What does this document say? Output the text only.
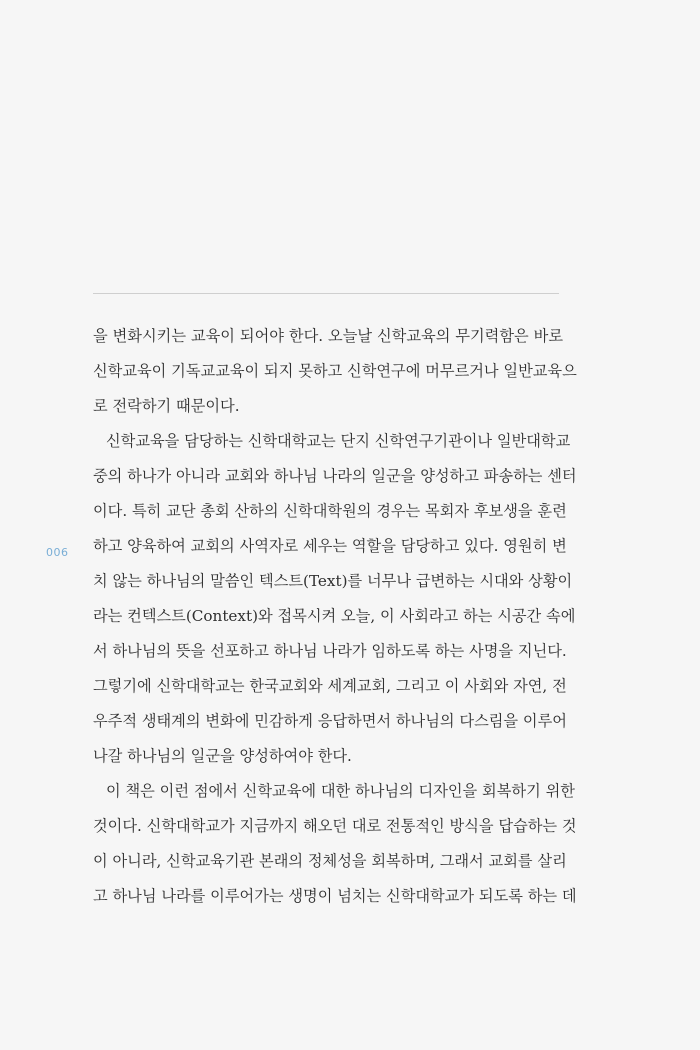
006
을 변화시키는 교육이 되어야 한다. 오늘날 신학교육의 무기력함은 바로
신학교육이 기독교교육이 되지 못하고 신학연구에 머무르거나 일반교육으
로 전락하기 때문이다.
신학교육을 담당하는 신학대학교는 단지 신학연구기관이나 일반대학교
중의 하나가 아니라 교회와 하나님 나라의 일군을 양성하고 파송하는 센터
이다. 특히 교단 총회 산하의 신학대학원의 경우는 목회자 후보생을 훈련
하고 양육하여 교회의 사역자로 세우는 역할을 담당하고 있다. 영원히 변
치 않는 하나님의 말씀인 텍스트(Text)를 너무나 급변하는 시대와 상황이
라는 컨텍스트(Context)와 접목시켜 오늘, 이 사회라고 하는 시공간 속에
서 하나님의 뜻을 선포하고 하나님 나라가 임하도록 하는 사명을 지닌다.
그렇기에 신학대학교는 한국교회와 세계교회, 그리고 이 사회와 자연, 전
우주적 생태계의 변화에 민감하게 응답하면서 하나님의 다스림을 이루어
나갈 하나님의 일군을 양성하여야 한다.
이 책은 이런 점에서 신학교육에 대한 하나님의 디자인을 회복하기 위한
것이다. 신학대학교가 지금까지 해오던 대로 전통적인 방식을 답습하는 것
이 아니라, 신학교육기관 본래의 정체성을 회복하며, 그래서 교회를 살리
고 하나님 나라를 이루어가는 생명이 넘치는 신학대학교가 되도록 하는 데
